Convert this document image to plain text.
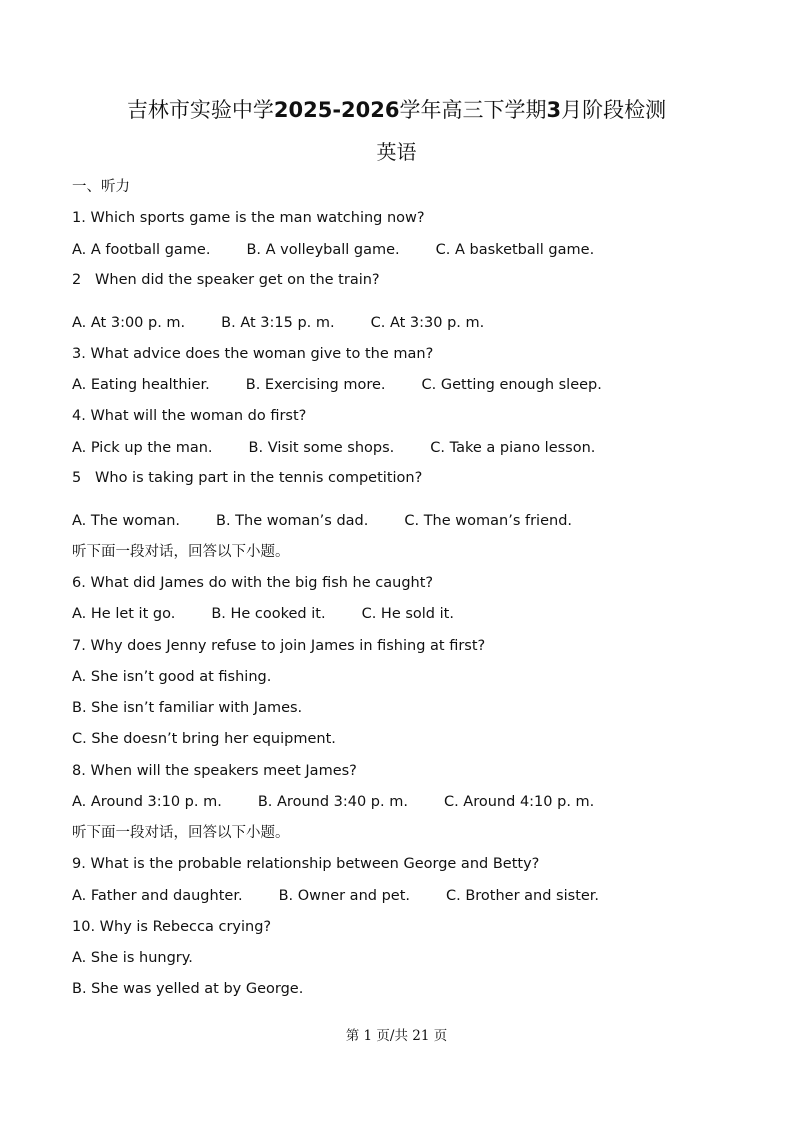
吉林市实验中学2025-2026学年高三下学期3月阶段检测
英语
一、听力
1. Which sports game is the man watching now?
A. A football game. B. A volleyball game. C. A basketball game.
2   When did the speaker get on the train?
A. At 3:00 p. m. B. At 3:15 p. m. C. At 3:30 p. m.
3. What advice does the woman give to the man?
A. Eating healthier. B. Exercising more. C. Getting enough sleep.
4. What will the woman do first?
A. Pick up the man. B. Visit some shops. C. Take a piano lesson.
5   Who is taking part in the tennis competition?
A. The woman. B. The woman’s dad. C. The woman’s friend.
听下面一段对话，回答以下小题。
6. What did James do with the big fish he caught?
A. He let it go. B. He cooked it. C. He sold it.
7. Why does Jenny refuse to join James in fishing at first?
A. She isn’t good at fishing.
B. She isn’t familiar with James.
C. She doesn’t bring her equipment.
8. When will the speakers meet James?
A. Around 3:10 p. m. B. Around 3:40 p. m. C. Around 4:10 p. m.
听下面一段对话，回答以下小题。
9. What is the probable relationship between George and Betty?
A. Father and daughter. B. Owner and pet. C. Brother and sister.
10. Why is Rebecca crying?
A. She is hungry.
B. She was yelled at by George.
第 1 页/共 21 页
